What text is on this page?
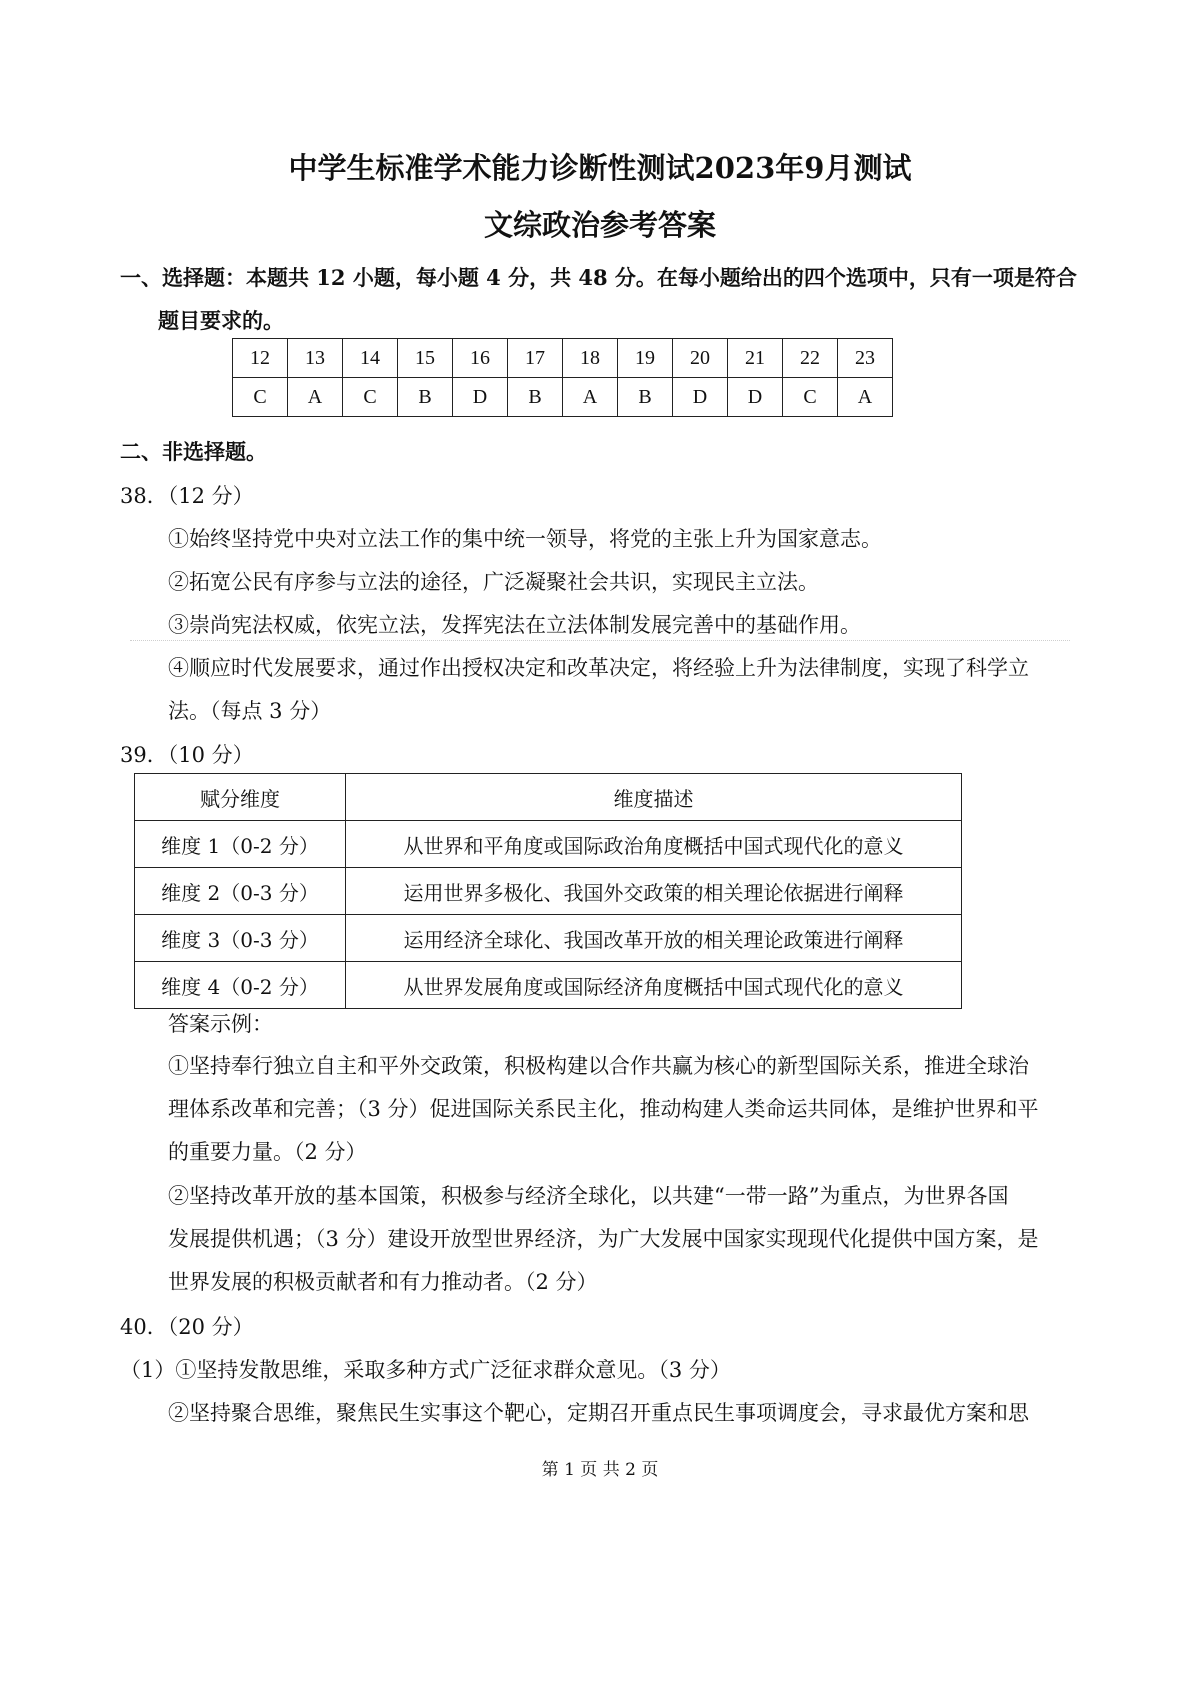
中学生标准学术能力诊断性测试2023年9月测试
文综政治参考答案
一、选择题：本题共 12 小题，每小题 4 分，共 48 分。在每小题给出的四个选项中，只有一项是符合
题目要求的。
12	13	14	15	16	17	18	19	20	21	22	23
C	A	C	B	D	B	A	B	D	D	C	A
二、非选择题。
38．（12 分）
①始终坚持党中央对立法工作的集中统一领导，将党的主张上升为国家意志。
②拓宽公民有序参与立法的途径，广泛凝聚社会共识，实现民主立法。
③崇尚宪法权威，依宪立法，发挥宪法在立法体制发展完善中的基础作用。
④顺应时代发展要求，通过作出授权决定和改革决定，将经验上升为法律制度，实现了科学立
法。（每点 3 分）
39．（10 分）
赋分维度	维度描述
维度 1（0-2 分）	从世界和平角度或国际政治角度概括中国式现代化的意义
维度 2（0-3 分）	运用世界多极化、我国外交政策的相关理论依据进行阐释
维度 3（0-3 分）	运用经济全球化、我国改革开放的相关理论政策进行阐释
维度 4（0-2 分）	从世界发展角度或国际经济角度概括中国式现代化的意义
答案示例：
①坚持奉行独立自主和平外交政策，积极构建以合作共赢为核心的新型国际关系，推进全球治
理体系改革和完善；（3 分）促进国际关系民主化，推动构建人类命运共同体，是维护世界和平
的重要力量。（2 分）
②坚持改革开放的基本国策，积极参与经济全球化，以共建“一带一路”为重点，为世界各国
发展提供机遇；（3 分）建设开放型世界经济，为广大发展中国家实现现代化提供中国方案，是
世界发展的积极贡献者和有力推动者。（2 分）
40．（20 分）
（1）①坚持发散思维，采取多种方式广泛征求群众意见。（3 分）
②坚持聚合思维，聚焦民生实事这个靶心，定期召开重点民生事项调度会，寻求最优方案和思
第 1 页 共 2 页
